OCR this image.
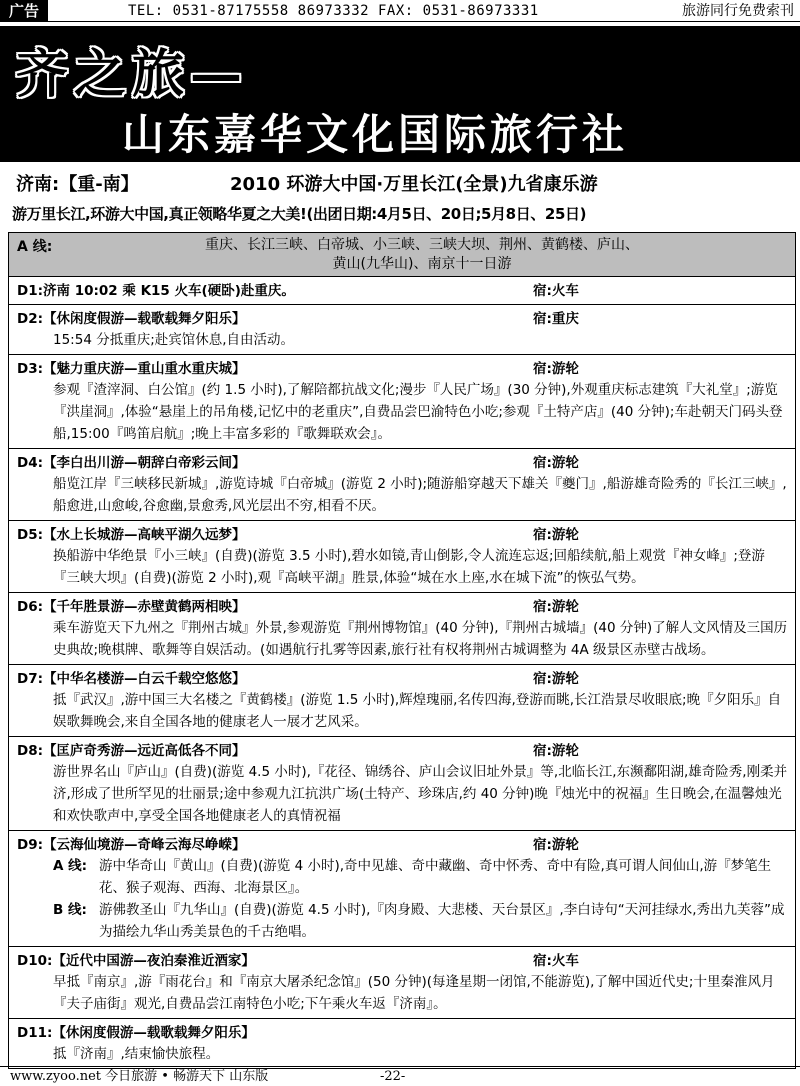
广告	TEL: 0531-87175558 86973332 FAX: 0531-86973331	旅游同行免费索刊
齐之旅—
山东嘉华文化国际旅行社
济南:【重-南】	2010 环游大中国·万里长江(全景)九省康乐游
游万里长江,环游大中国,真正领略华夏之大美!(出团日期:4月5日、20日;5月8日、25日)
A 线:	重庆、长江三峡、白帝城、小三峡、三峡大坝、荆州、黄鹤楼、庐山、
黄山(九华山)、南京十一日游
D1:济南 10:02 乘 K15 火车(硬卧)赴重庆。	宿:火车
D2:【休闲度假游—载歌载舞夕阳乐】	宿:重庆
15:54 分抵重庆;赴宾馆休息,自由活动。
D3:【魅力重庆游—重山重水重庆城】	宿:游轮
参观『渣滓洞、白公馆』(约 1.5 小时),了解陪都抗战文化;漫步『人民广场』(30 分钟),外观重庆标志建筑『大礼堂』;游览『洪崖洞』,体验“悬崖上的吊角楼,记忆中的老重庆”,自费品尝巴渝特色小吃;参观『土特产店』(40 分钟);车赴朝天门码头登船,15:00『鸣笛启航』;晚上丰富多彩的『歌舞联欢会』。
D4:【李白出川游—朝辞白帝彩云间】	宿:游轮
船览江岸『三峡移民新城』,游览诗城『白帝城』(游览 2 小时);随游船穿越天下雄关『夔门』,船游雄奇险秀的『长江三峡』,船愈进,山愈峻,谷愈幽,景愈秀,风光层出不穷,相看不厌。
D5:【水上长城游—高峡平湖久远梦】	宿:游轮
换船游中华绝景『小三峡』(自费)(游览 3.5 小时),碧水如镜,青山倒影,令人流连忘返;回船续航,船上观赏『神女峰』;登游『三峡大坝』(自费)(游览 2 小时),观『高峡平湖』胜景,体验“城在水上座,水在城下流”的恢弘气势。
D6:【千年胜景游—赤壁黄鹤两相映】	宿:游轮
乘车游览天下九州之『荆州古城』外景,参观游览『荆州博物馆』(40 分钟),『荆州古城墙』(40 分钟)了解人文风情及三国历史典故;晚棋牌、歌舞等自娱活动。(如遇航行扎雾等因素,旅行社有权将荆州古城调整为 4A 级景区赤壁古战场。
D7:【中华名楼游—白云千载空悠悠】	宿:游轮
抵『武汉』,游中国三大名楼之『黄鹤楼』(游览 1.5 小时),辉煌瑰丽,名传四海,登游而眺,长江浩景尽收眼底;晚『夕阳乐』自娱歌舞晚会,来自全国各地的健康老人一展才艺风采。
D8:【匡庐奇秀游—远近高低各不同】	宿:游轮
游世界名山『庐山』(自费)(游览 4.5 小时),『花径、锦绣谷、庐山会议旧址外景』等,北临长江,东濒鄱阳湖,雄奇险秀,刚柔并济,形成了世所罕见的壮丽景;途中参观九江抗洪广场(土特产、珍珠店,约 40 分钟)晚『烛光中的祝福』生日晚会,在温馨烛光和欢快歌声中,享受全国各地健康老人的真情祝福
D9:【云海仙境游—奇峰云海尽峥嵘】	宿:游轮
A 线: 游中华奇山『黄山』(自费)(游览 4 小时),奇中见雄、奇中藏幽、奇中怀秀、奇中有险,真可谓人间仙山,游『梦笔生花、猴子观海、西海、北海景区』。
B 线: 游佛教圣山『九华山』(自费)(游览 4.5 小时),『肉身殿、大悲楼、天台景区』,李白诗句“天河挂绿水,秀出九芙蓉”成为描绘九华山秀美景色的千古绝唱。
D10:【近代中国游—夜泊秦淮近酒家】	宿:火车
早抵『南京』,游『雨花台』和『南京大屠杀纪念馆』(50 分钟)(每逢星期一闭馆,不能游览),了解中国近代史;十里秦淮风月『夫子庙街』观光,自费品尝江南特色小吃;下午乘火车返『济南』。
D11:【休闲度假游—载歌载舞夕阳乐】
抵『济南』,结束愉快旅程。
www.zyoo.net 今日旅游 • 畅游天下 山东版	-22-
